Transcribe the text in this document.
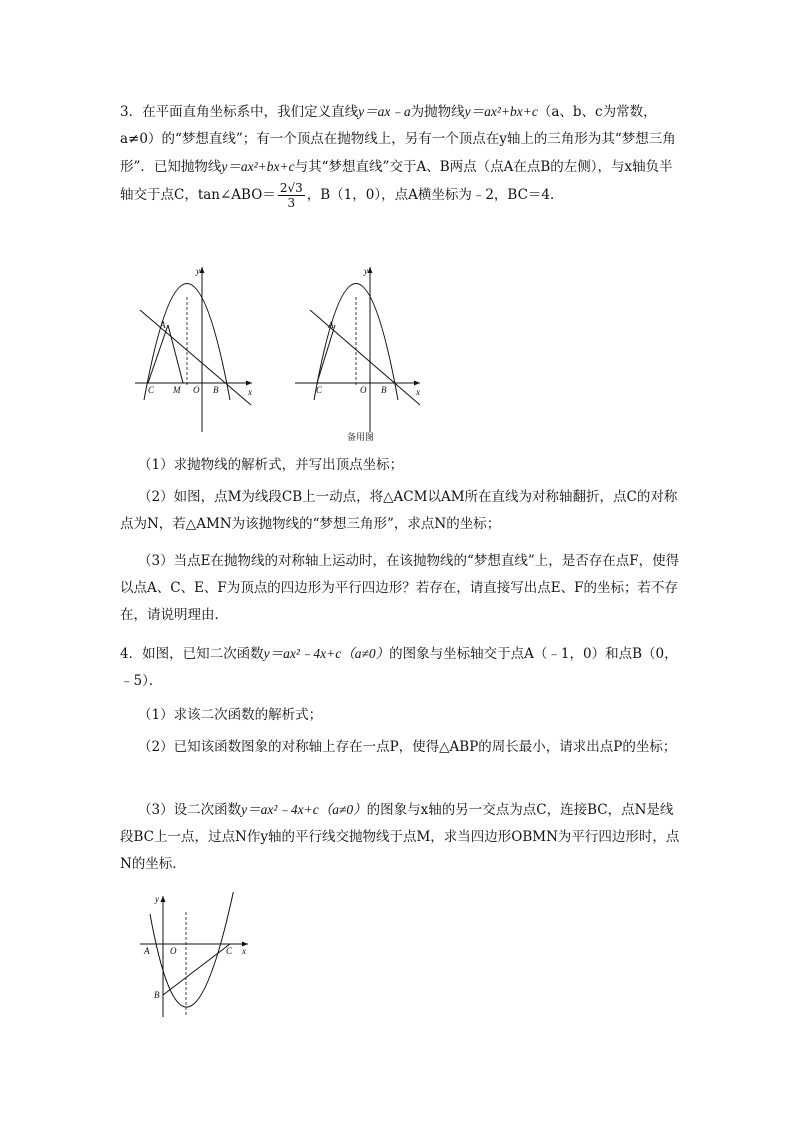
3．在平面直角坐标系中，我们定义直线y＝ax﹣a为抛物线y＝ax²+bx+c（a、b、c为常数，a≠0）的“梦想直线”；有一个顶点在抛物线上，另有一个顶点在y轴上的三角形为其“梦想三角形”．已知抛物线y＝ax²+bx+c与其“梦想直线”交于A、B两点（点A在点B的左侧），与x轴负半轴交于点C，tan∠ABO＝ $\frac{2√3}{3}$ ，B（1，0），点A横坐标为﹣2，BC＝4．
y
x
A
C M O B
y
x
A
C	O B
备用图
（1）求抛物线的解析式，并写出顶点坐标；
（2）如图，点M为线段CB上一动点，将△ACM以AM所在直线为对称轴翻折，点C的对称点为N，若△AMN为该抛物线的“梦想三角形”，求点N的坐标；
（3）当点E在抛物线的对称轴上运动时，在该抛物线的“梦想直线”上，是否存在点F，使得以点A、C、E、F为顶点的四边形为平行四边形？若存在，请直接写出点E、F的坐标；若不存在，请说明理由．
4．如图，已知二次函数y＝ax²﹣4x+c（a≠0）的图象与坐标轴交于点A（﹣1，0）和点B（0，﹣5）．
（1）求该二次函数的解析式；
（2）已知该函数图象的对称轴上存在一点P，使得△ABP的周长最小，请求出点P的坐标；
（3）设二次函数y＝ax²﹣4x+c（a≠0）的图象与x轴的另一交点为点C，连接BC，点N是线段BC上一点，过点N作y轴的平行线交抛物线于点M，求当四边形OBMN为平行四边形时，点N的坐标．
y
x
A O	C
B
